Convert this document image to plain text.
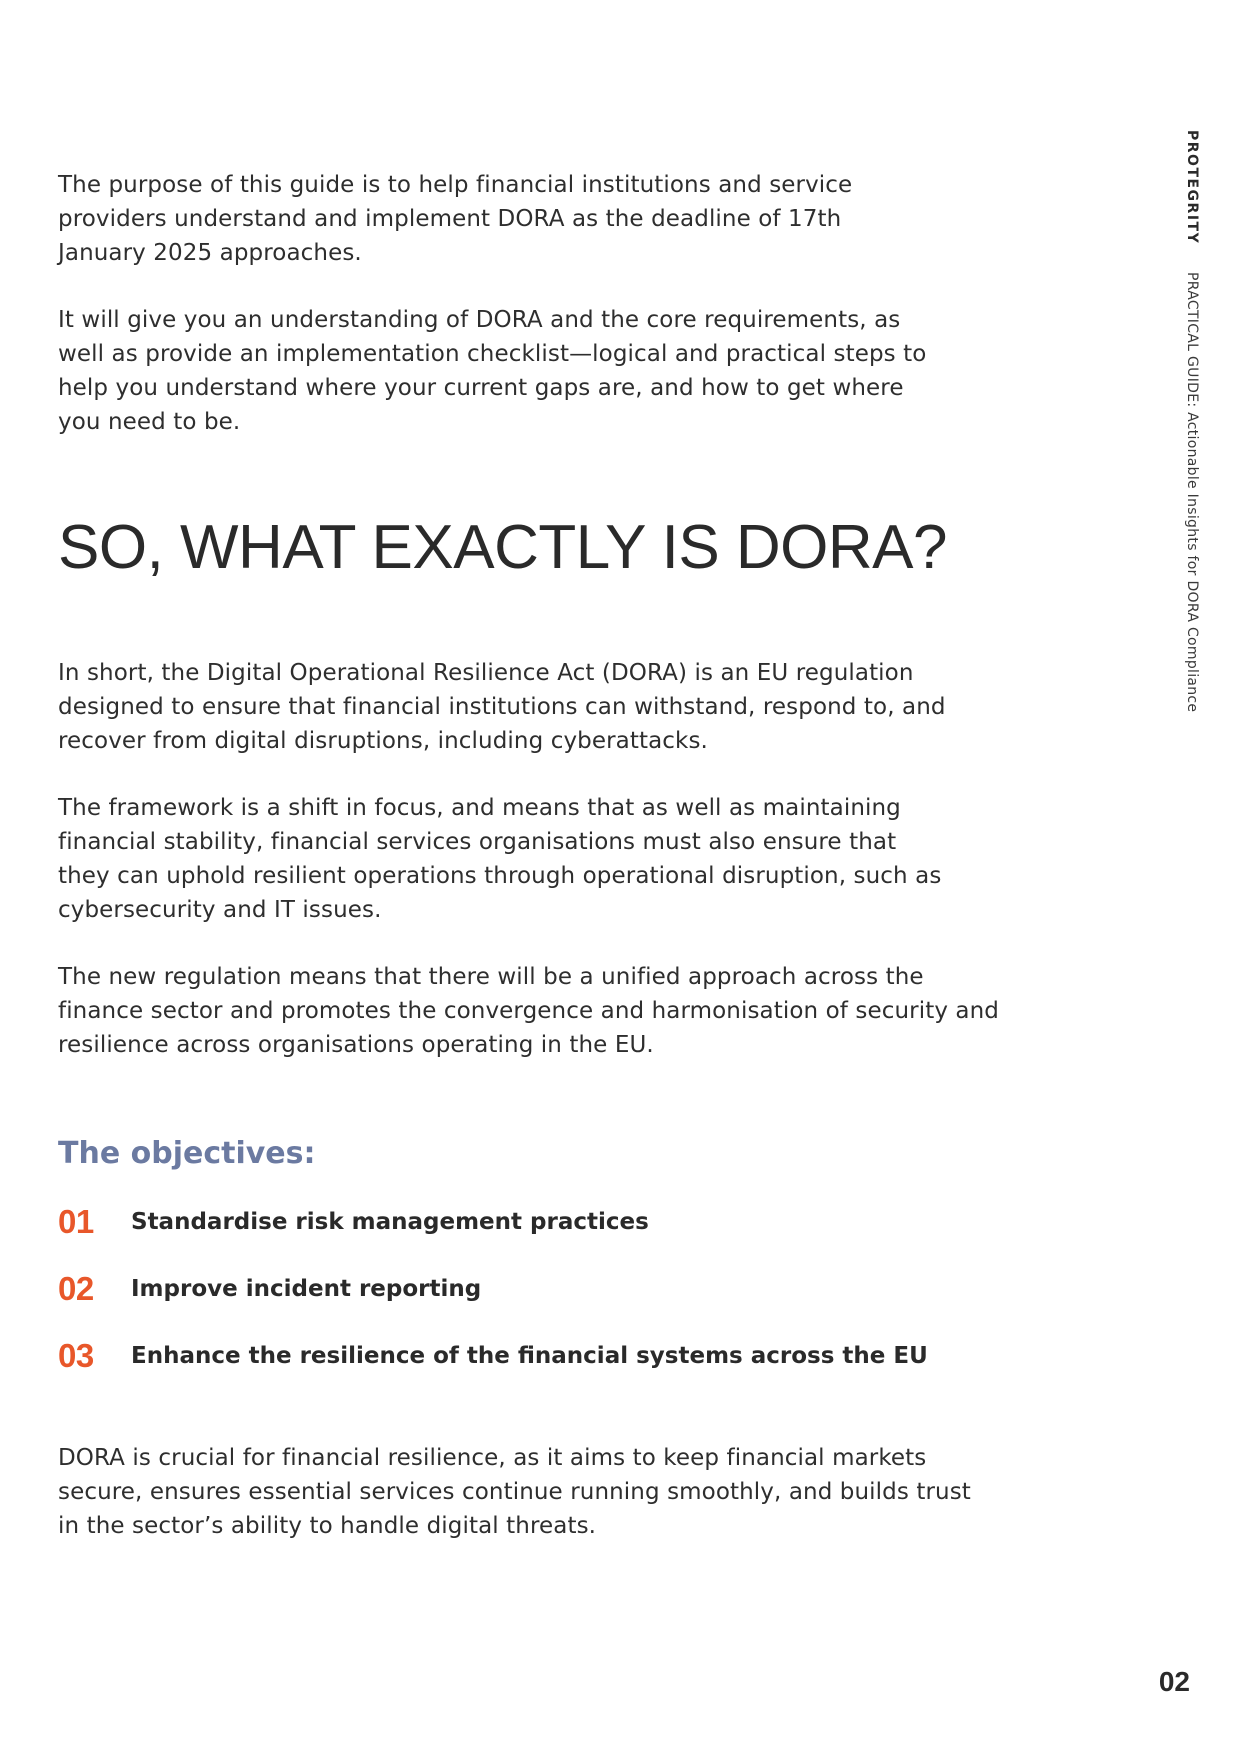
The purpose of this guide is to help financial institutions and service
providers understand and implement DORA as the deadline of 17th
January 2025 approaches.

It will give you an understanding of DORA and the core requirements, as
well as provide an implementation checklist—logical and practical steps to
help you understand where your current gaps are, and how to get where
you need to be.

SO, WHAT EXACTLY IS DORA?

In short, the Digital Operational Resilience Act (DORA) is an EU regulation
designed to ensure that financial institutions can withstand, respond to, and
recover from digital disruptions, including cyberattacks.

The framework is a shift in focus, and means that as well as maintaining
financial stability, financial services organisations must also ensure that
they can uphold resilient operations through operational disruption, such as
cybersecurity and IT issues.

The new regulation means that there will be a unified approach across the
finance sector and promotes the convergence and harmonisation of security and
resilience across organisations operating in the EU.

The objectives:
01	Standardise risk management practices
02	Improve incident reporting
03	Enhance the resilience of the financial systems across the EU

DORA is crucial for financial resilience, as it aims to keep financial markets
secure, ensures essential services continue running smoothly, and builds trust
in the sector’s ability to handle digital threats.

PROTEGRITY
PRACTICAL GUIDE: Actionable Insights for DORA Compliance
02
